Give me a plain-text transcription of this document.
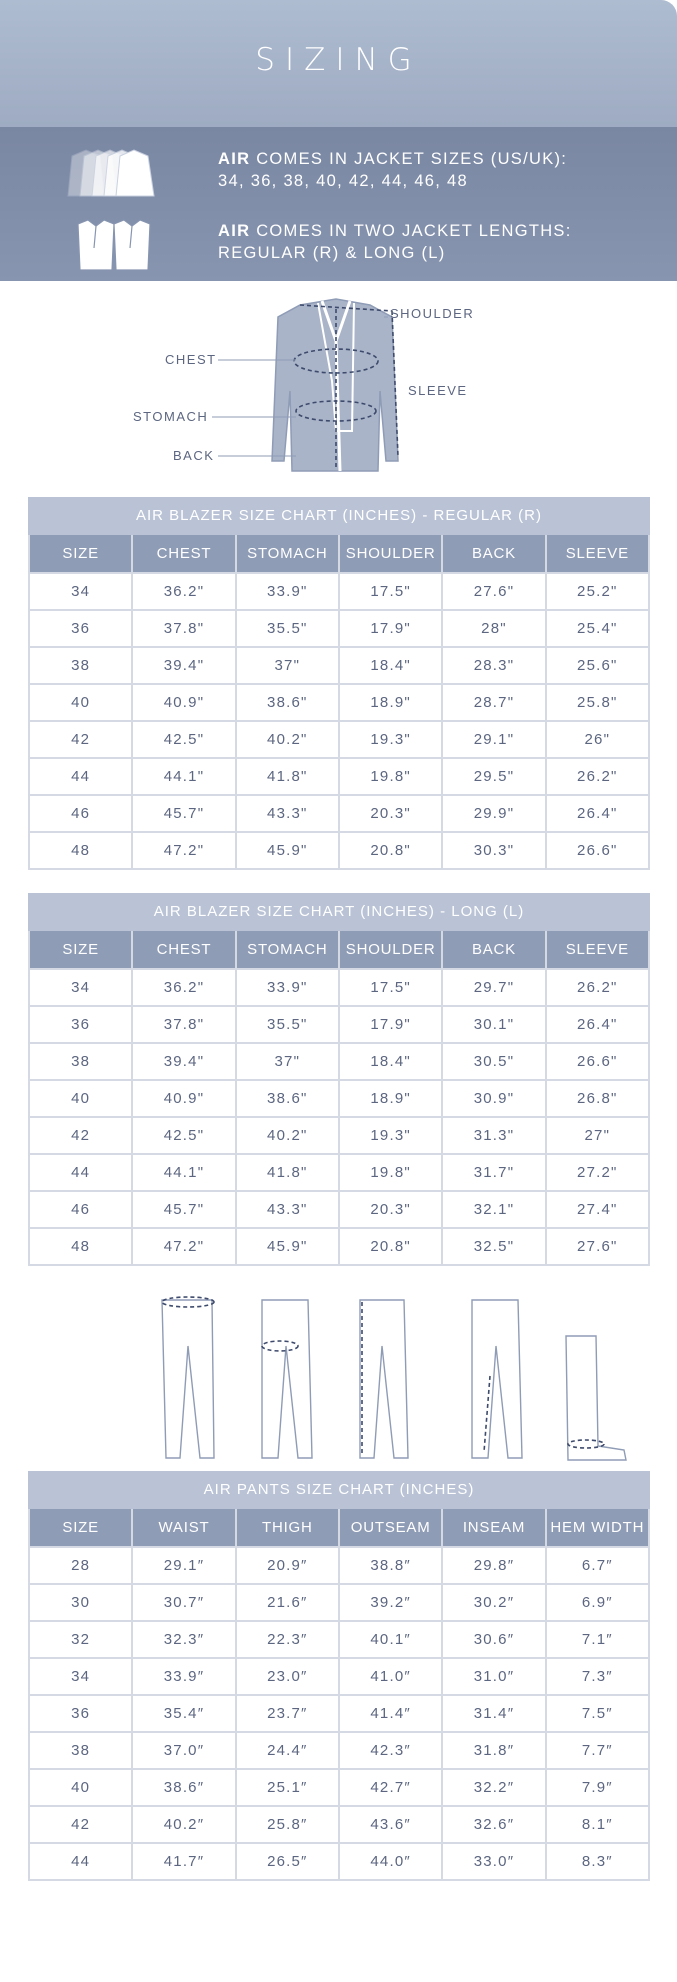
SIZING
AIR COMES IN JACKET SIZES (US/UK):
34, 36, 38, 40, 42, 44, 46, 48
AIR COMES IN TWO JACKET LENGTHS:
REGULAR (R) & LONG (L)
SHOULDER
CHEST
SLEEVE
STOMACH
BACK
AIR BLAZER SIZE CHART (INCHES) - REGULAR (R)
SIZE	CHEST	STOMACH	SHOULDER	BACK	SLEEVE
34	36.2"	33.9"	17.5"	27.6"	25.2"
36	37.8"	35.5"	17.9"	28"	25.4"
38	39.4"	37"	18.4"	28.3"	25.6"
40	40.9"	38.6"	18.9"	28.7"	25.8"
42	42.5"	40.2"	19.3"	29.1"	26"
44	44.1"	41.8"	19.8"	29.5"	26.2"
46	45.7"	43.3"	20.3"	29.9"	26.4"
48	47.2"	45.9"	20.8"	30.3"	26.6"
AIR BLAZER SIZE CHART (INCHES) - LONG (L)
SIZE	CHEST	STOMACH	SHOULDER	BACK	SLEEVE
34	36.2"	33.9"	17.5"	29.7"	26.2"
36	37.8"	35.5"	17.9"	30.1"	26.4"
38	39.4"	37"	18.4"	30.5"	26.6"
40	40.9"	38.6"	18.9"	30.9"	26.8"
42	42.5"	40.2"	19.3"	31.3"	27"
44	44.1"	41.8"	19.8"	31.7"	27.2"
46	45.7"	43.3"	20.3"	32.1"	27.4"
48	47.2"	45.9"	20.8"	32.5"	27.6"
AIR PANTS SIZE CHART (INCHES)
SIZE	WAIST	THIGH	OUTSEAM	INSEAM	HEM WIDTH
28	29.1″	20.9″	38.8″	29.8″	6.7″
30	30.7″	21.6″	39.2″	30.2″	6.9″
32	32.3″	22.3″	40.1″	30.6″	7.1″
34	33.9″	23.0″	41.0″	31.0″	7.3″
36	35.4″	23.7″	41.4″	31.4″	7.5″
38	37.0″	24.4″	42.3″	31.8″	7.7″
40	38.6″	25.1″	42.7″	32.2″	7.9″
42	40.2″	25.8″	43.6″	32.6″	8.1″
44	41.7″	26.5″	44.0″	33.0″	8.3″
